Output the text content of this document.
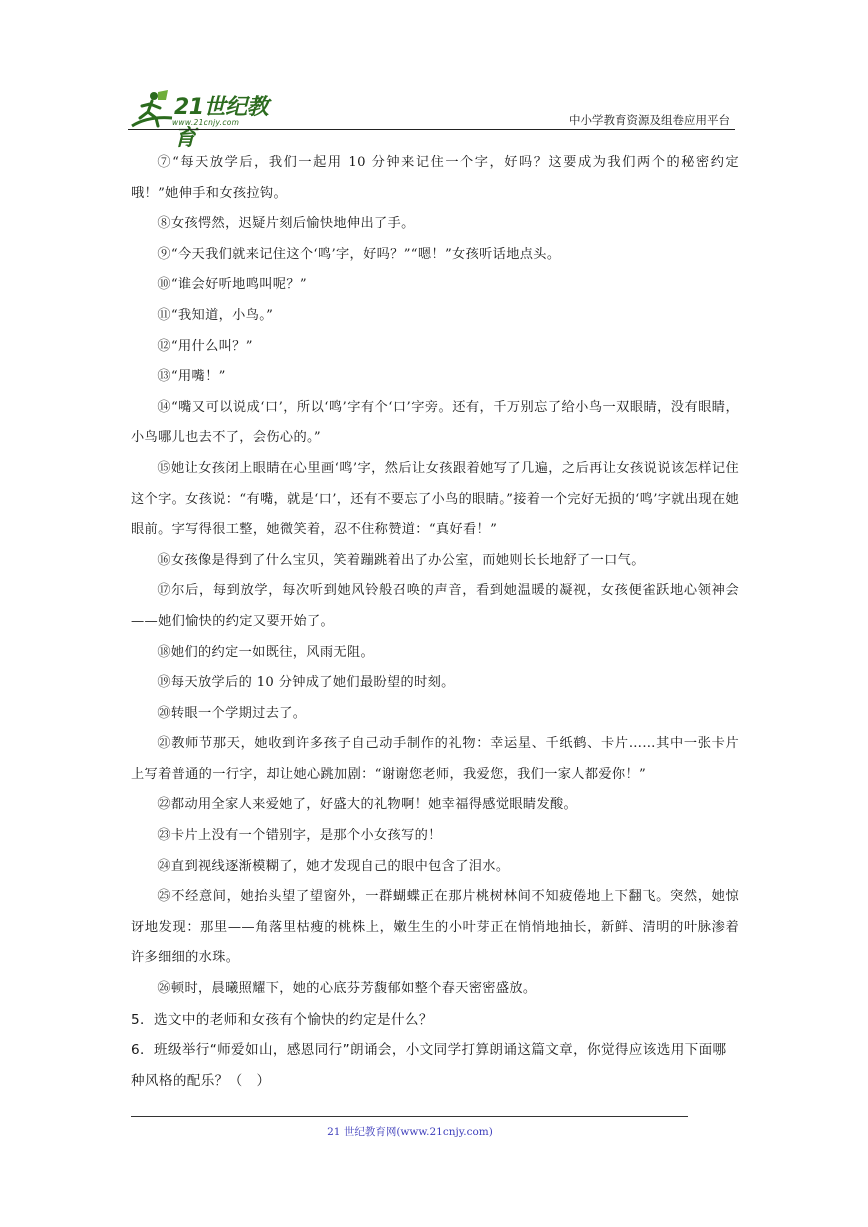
21世纪教育
www.21cnjy.com	中小学教育资源及组卷应用平台

⑦“每天放学后，我们一起用 10 分钟来记住一个字，好吗？这要成为我们两个的秘密约定哦！”她伸手和女孩拉钩。

⑧女孩愕然，迟疑片刻后愉快地伸出了手。

⑨“今天我们就来记住这个‘鸣’字，好吗？”“嗯！”女孩听话地点头。

⑩“谁会好听地鸣叫呢？”

⑪“我知道，小鸟。”

⑫“用什么叫？”

⑬“用嘴！”

⑭“嘴又可以说成‘口’，所以‘鸣’字有个‘口’字旁。还有，千万别忘了给小鸟一双眼睛，没有眼睛，小鸟哪儿也去不了，会伤心的。”

⑮她让女孩闭上眼睛在心里画‘鸣’字，然后让女孩跟着她写了几遍，之后再让女孩说说该怎样记住这个字。女孩说：“有嘴，就是‘口’，还有不要忘了小鸟的眼睛。”接着一个完好无损的‘鸣’字就出现在她眼前。字写得很工整，她微笑着，忍不住称赞道：“真好看！”

⑯女孩像是得到了什么宝贝，笑着蹦跳着出了办公室，而她则长长地舒了一口气。

⑰尔后，每到放学，每次听到她风铃般召唤的声音，看到她温暖的凝视，女孩便雀跃地心领神会——她们愉快的约定又要开始了。

⑱她们的约定一如既往，风雨无阻。

⑲每天放学后的 10 分钟成了她们最盼望的时刻。

⑳转眼一个学期过去了。

㉑教师节那天，她收到许多孩子自己动手制作的礼物：幸运星、千纸鹤、卡片……其中一张卡片上写着普通的一行字，却让她心跳加剧：“谢谢您老师，我爱您，我们一家人都爱你！”

㉒都动用全家人来爱她了，好盛大的礼物啊！她幸福得感觉眼睛发酸。

㉓卡片上没有一个错别字，是那个小女孩写的！

㉔直到视线逐渐模糊了，她才发现自己的眼中包含了泪水。

㉕不经意间，她抬头望了望窗外，一群蝴蝶正在那片桃树林间不知疲倦地上下翻飞。突然，她惊讶地发现：那里——角落里枯瘦的桃株上，嫩生生的小叶芽正在悄悄地抽长，新鲜、清明的叶脉渗着许多细细的水珠。

㉖顿时，晨曦照耀下，她的心底芬芳馥郁如整个春天密密盛放。

5．选文中的老师和女孩有个愉快的约定是什么？

6．班级举行“师爱如山，感恩同行”朗诵会，小文同学打算朗诵这篇文章，你觉得应该选用下面哪种风格的配乐？（　）

21 世纪教育网(www.21cnjy.com)
